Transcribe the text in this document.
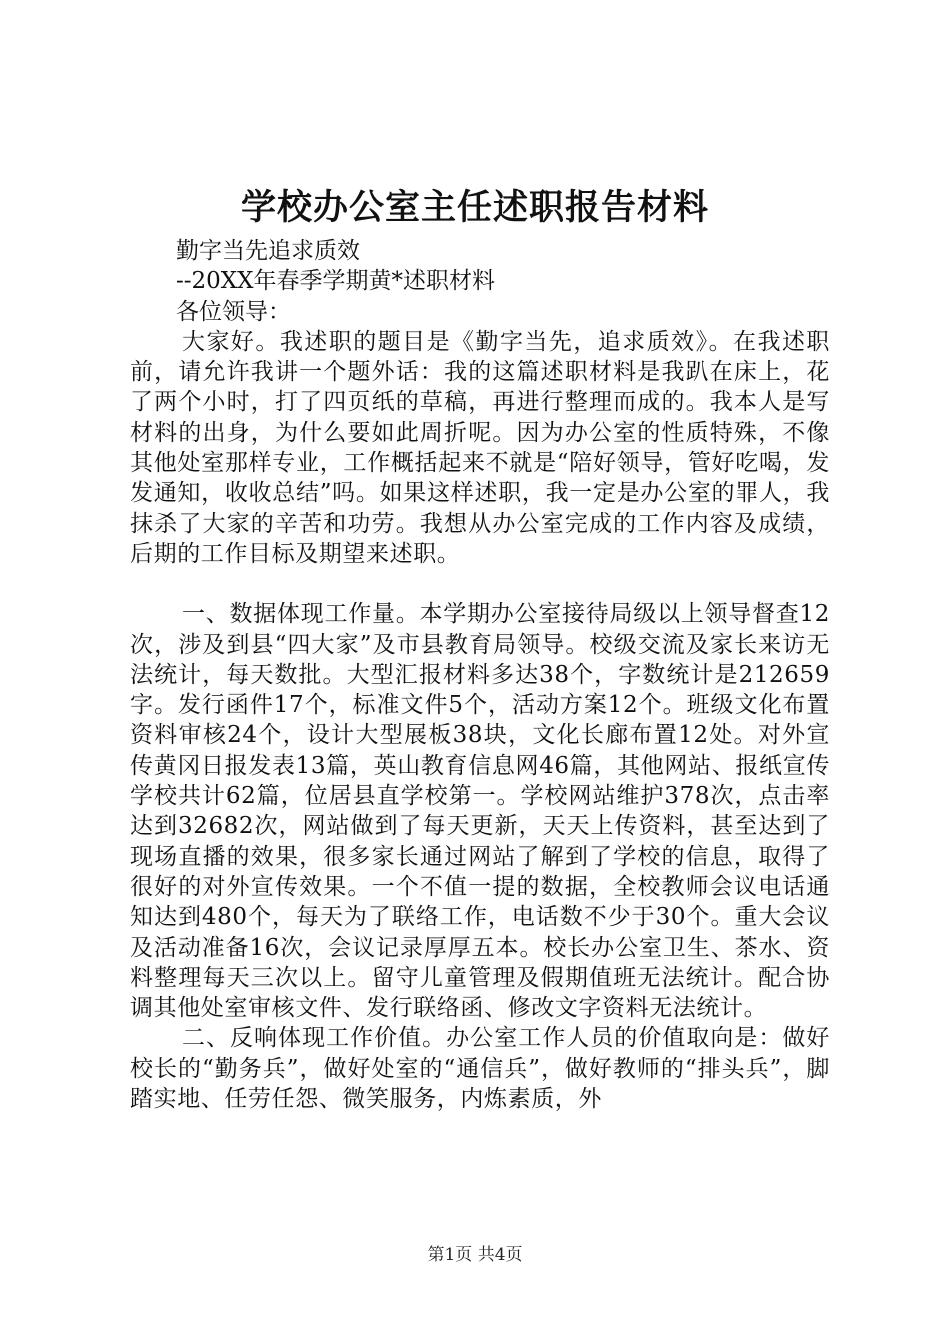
学校办公室主任述职报告材料

勤字当先追求质效

--20XX年春季学期黄*述职材料

各位领导：

大家好。我述职的题目是《勤字当先，追求质效》。在我述职前，请允许我讲一个题外话：我的这篇述职材料是我趴在床上，花了两个小时，打了四页纸的草稿，再进行整理而成的。我本人是写材料的出身，为什么要如此周折呢。因为办公室的性质特殊，不像其他处室那样专业，工作概括起来不就是“陪好领导，管好吃喝，发发通知，收收总结”吗。如果这样述职，我一定是办公室的罪人，我抹杀了大家的辛苦和功劳。我想从办公室完成的工作内容及成绩，后期的工作目标及期望来述职。

一、数据体现工作量。本学期办公室接待局级以上领导督查12次，涉及到县“四大家”及市县教育局领导。校级交流及家长来访无法统计，每天数批。大型汇报材料多达38个，字数统计是212659字。发行函件17个，标准文件5个，活动方案12个。班级文化布置资料审核24个，设计大型展板38块，文化长廊布置12处。对外宣传黄冈日报发表13篇，英山教育信息网46篇，其他网站、报纸宣传学校共计62篇，位居县直学校第一。学校网站维护378次，点击率达到32682次，网站做到了每天更新，天天上传资料，甚至达到了现场直播的效果，很多家长通过网站了解到了学校的信息，取得了很好的对外宣传效果。一个不值一提的数据，全校教师会议电话通知达到480个，每天为了联络工作，电话数不少于30个。重大会议及活动准备16次，会议记录厚厚五本。校长办公室卫生、茶水、资料整理每天三次以上。留守儿童管理及假期值班无法统计。配合协调其他处室审核文件、发行联络函、修改文字资料无法统计。

二、反响体现工作价值。办公室工作人员的价值取向是：做好校长的“勤务兵”，做好处室的“通信兵”，做好教师的“排头兵”，脚踏实地、任劳任怨、微笑服务，内炼素质，外

第1页 共4页
